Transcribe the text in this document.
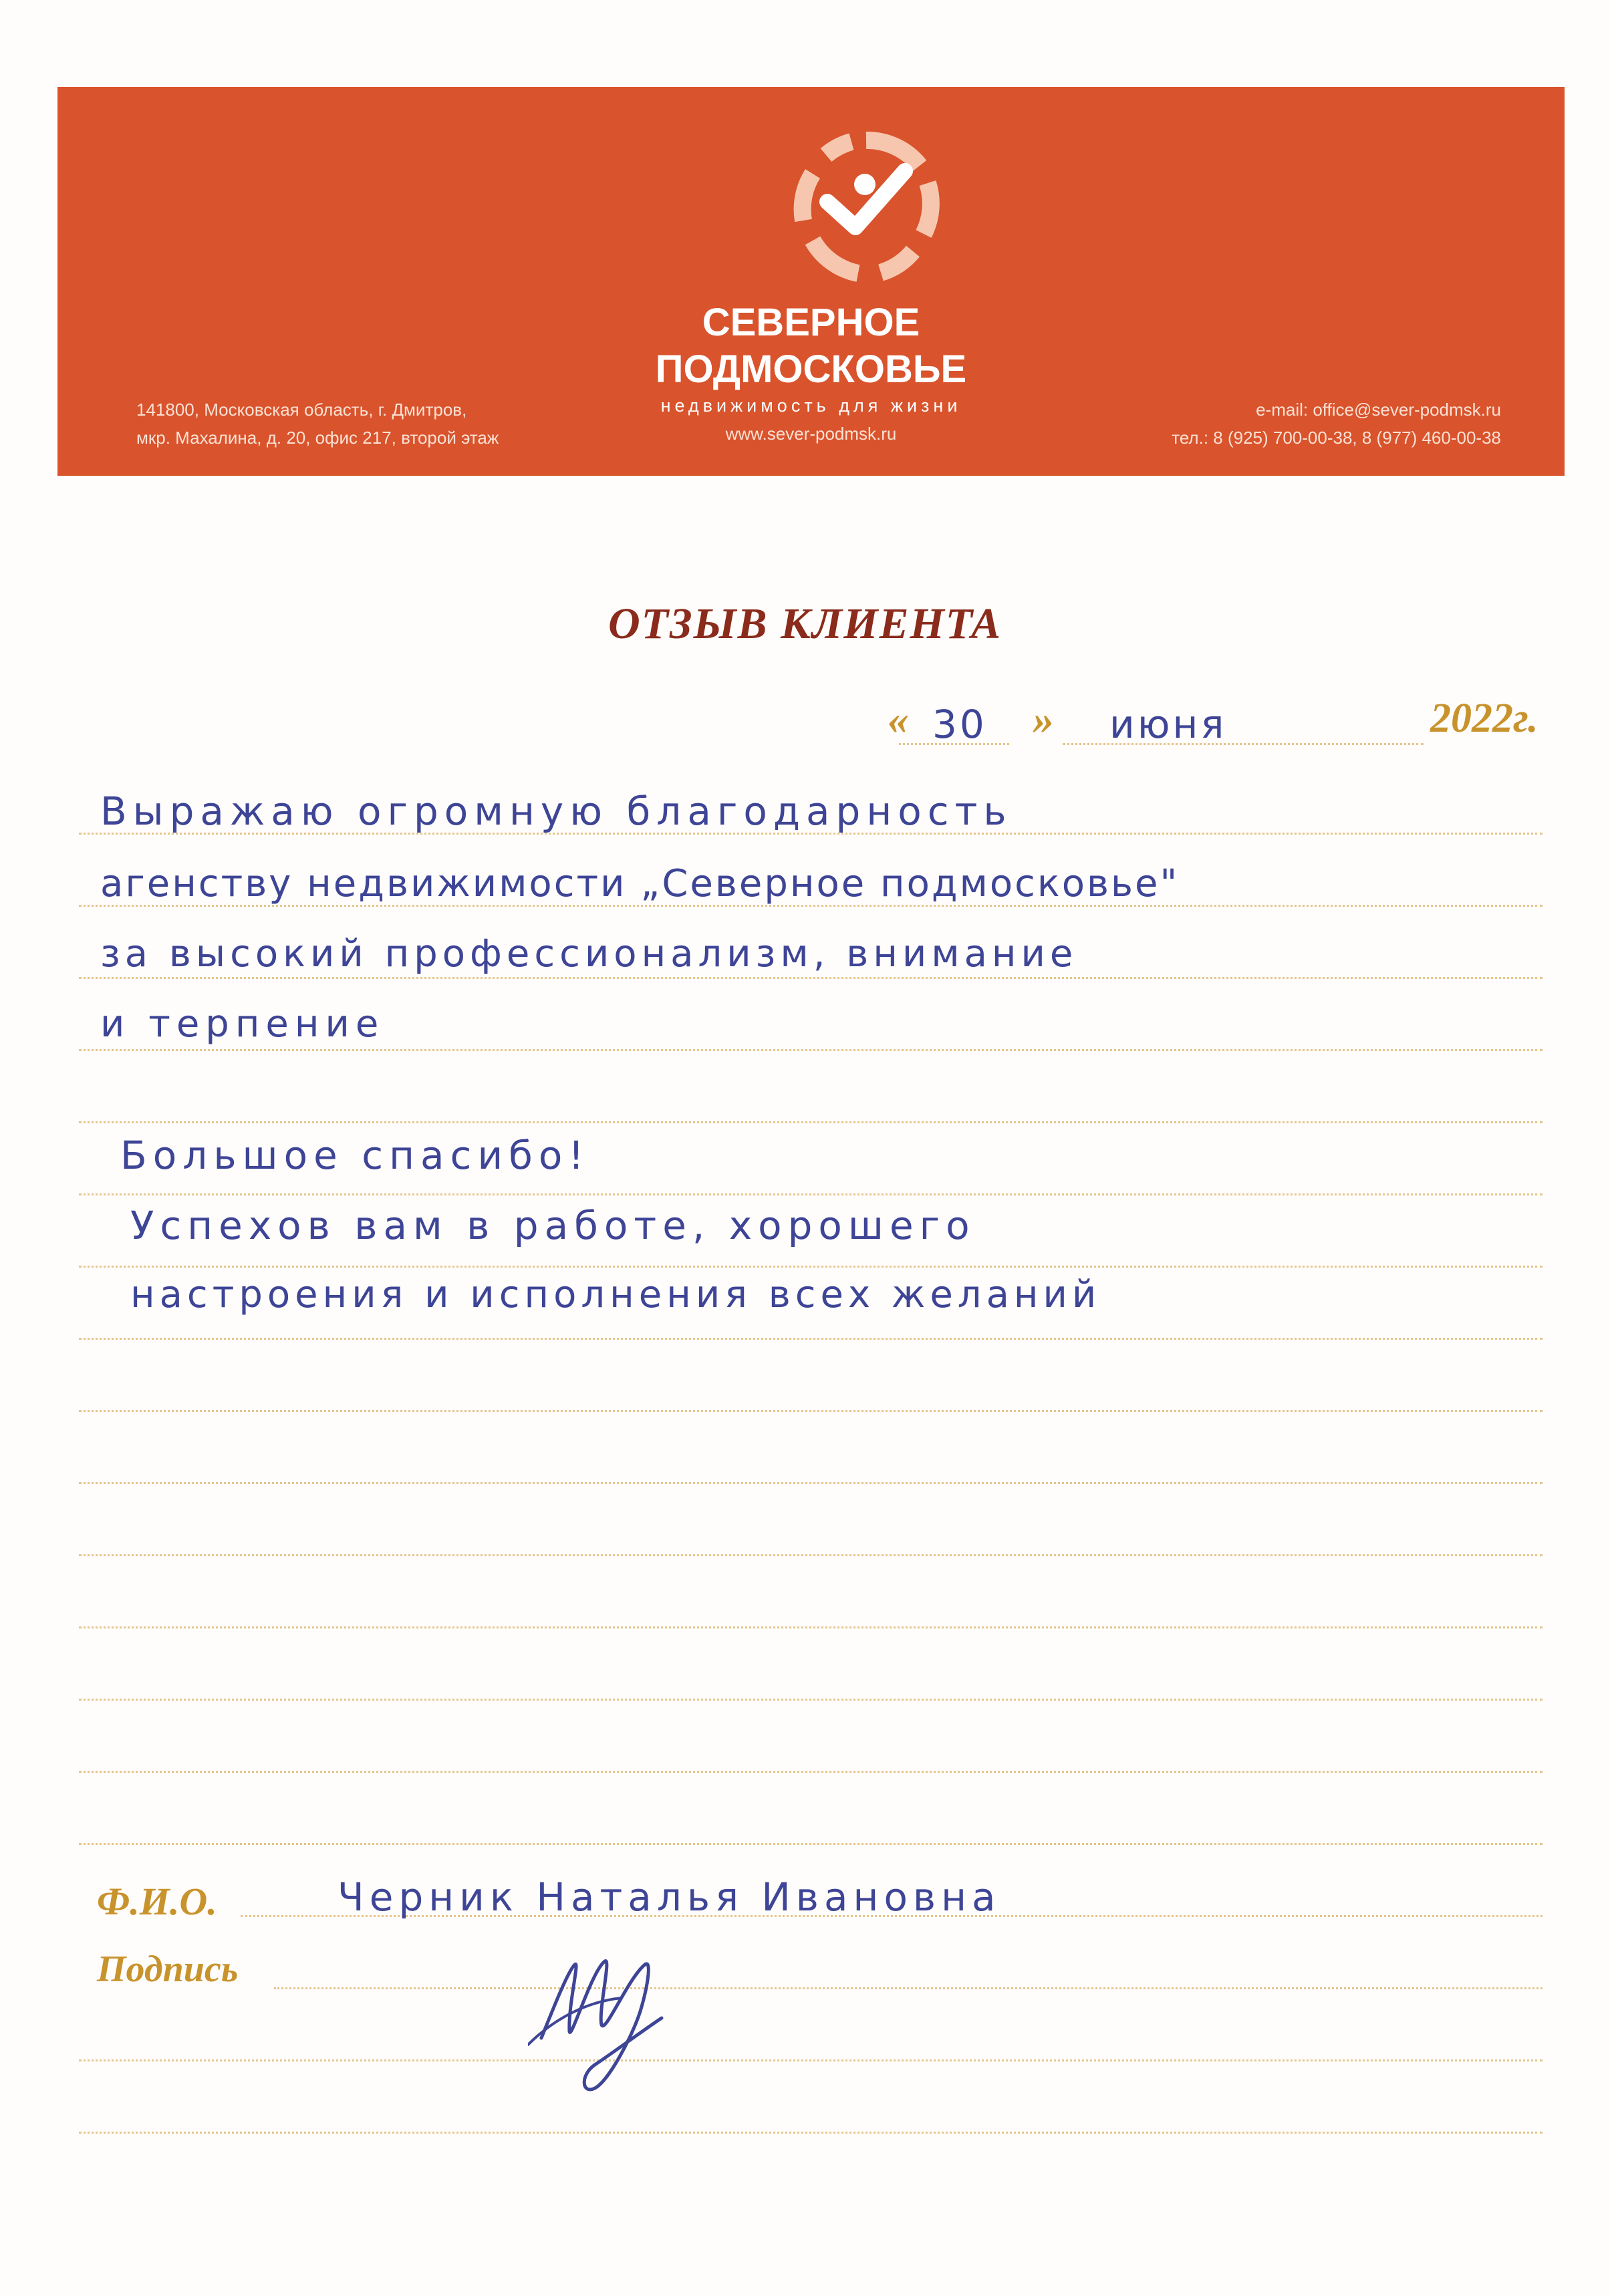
СЕВЕРНОЕ
ПОДМОСКОВЬЕ
недвижимость для жизни
www.sever-podmsk.ru
141800, Московская область, г. Дмитров,
мкр. Махалина, д. 20, офис 217, второй этаж
e-mail: office@sever-podmsk.ru
тел.: 8 (925) 700-00-38, 8 (977) 460-00-38
ОТЗЫВ КЛИЕНТА
« 30 » июня	2022г.
Выражаю огромную благодарность
агенству недвижимости „Северное подмосковье"
за высокий профессионализм, внимание
и терпение
Большое спасибо!
Успехов вам в работе, хорошего
настроения и исполнения всех желаний
Ф.И.О.	Черник Наталья Ивановна
Подпись
